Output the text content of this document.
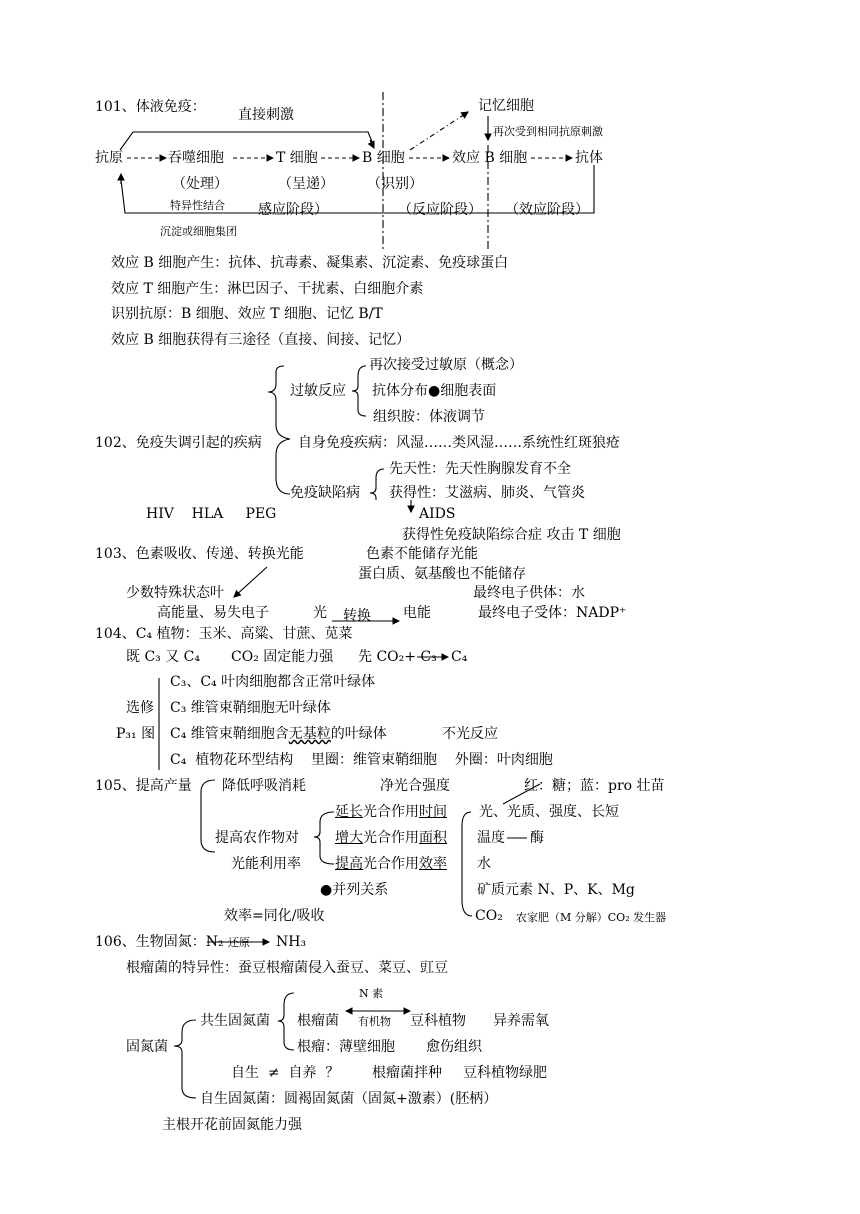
101、体液免疫： 直接刺激
记忆细胞
再次受到相同抗原刺激
抗原	吞噬细胞	T 细胞	B 细胞	效应 B 细胞	抗体
（处理）	（呈递） （识别）
特异性结合 感应阶段）	（反应阶段） （效应阶段）
沉淀或细胞集团
效应 B 细胞产生：抗体、抗毒素、凝集素、沉淀素、免疫球蛋白
效应 T 细胞产生：淋巴因子、干扰素、白细胞介素
识别抗原：B 细胞、效应 T 细胞、记忆 B/T
效应 B 细胞获得有三途径（直接、间接、记忆）
再次接受过敏原（概念）
过敏反应 抗体分布●细胞表面
组织胺：体液调节
102、免疫失调引起的疾病	自身免疫疾病：风湿……类风湿……系统性红斑狼疮
先天性：先天性胸腺发育不全
免疫缺陷病 获得性：艾滋病、肺炎、气管炎
HIV    HLA     PEG	AIDS
获得性免疫缺陷综合症 攻击 T 细胞
103、色素吸收、传递、转换光能	色素不能储存光能
蛋白质、氨基酸也不能储存
少数特殊状态叶	最终电子供体：水
高能量、易失电子	光 转换 电能	最终电子受体：NADP⁺
104、C₄ 植物：玉米、高粱、甘蔗、苋菜
既 C₃ 又 C₄ CO₂ 固定能力强 先 CO₂+ C₃ C₄
C₃、C₄ 叶肉细胞都含正常叶绿体
选修 C₃ 维管束鞘细胞无叶绿体
P₃₁ 图 C₄ 维管束鞘细胞含无基粒的叶绿体	不光反应
C₄  植物花环型结构    里圈：维管束鞘细胞    外圈：叶肉细胞
105、提高产量 降低呼吸消耗	净光合强度	红：糖；蓝：pro 壮苗
延长光合作用时间 光、光质、强度、长短
提高农作物对	增大光合作用面积 温度 酶
光能利用率 提高光合作用效率 水
●并列关系	矿质元素 N、P、K、Mg
效率=同化/吸收	CO₂ 农家肥（M 分解）CO₂ 发生器
106、生物固氮：N₂ 还原 NH₃
根瘤菌的特异性：蚕豆根瘤菌侵入蚕豆、菜豆、豇豆
N 素
共生固氮菌 根瘤菌 有机物 豆科植物 异养需氧
固氮菌	根瘤：薄壁细胞 愈伤组织
自生  ≠  自养  ？ 根瘤菌拌种 豆科植物绿肥
自生固氮菌：圆褐固氮菌（固氮+激素）(胚柄）
主根开花前固氮能力强
